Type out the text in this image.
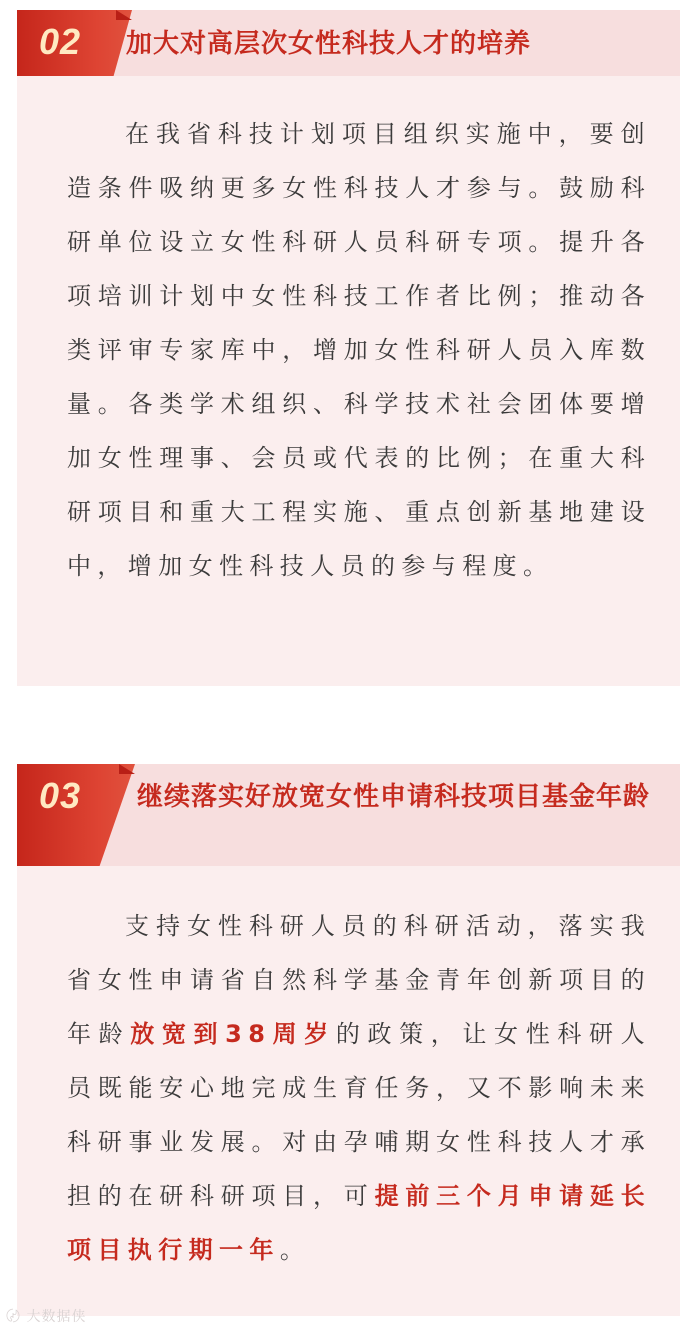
02 加大对高层次女性科技人才的培养

在我省科技计划项目组织实施中，要创造条件吸纳更多女性科技人才参与。鼓励科研单位设立女性科研人员科研专项。提升各项培训计划中女性科技工作者比例；推动各类评审专家库中，增加女性科研人员入库数量。各类学术组织、科学技术社会团体要增加女性理事、会员或代表的比例；在重大科研项目和重大工程实施、重点创新基地建设中，增加女性科技人员的参与程度。

03 继续落实好放宽女性申请科技项目基金年龄

支持女性科研人员的科研活动，落实我省女性申请省自然科学基金青年创新项目的年龄放宽到38周岁的政策，让女性科研人员既能安心地完成生育任务，又不影响未来科研事业发展。对由孕哺期女性科技人才承担的在研科研项目，可提前三个月申请延长项目执行期一年。

〄 大数据侠
